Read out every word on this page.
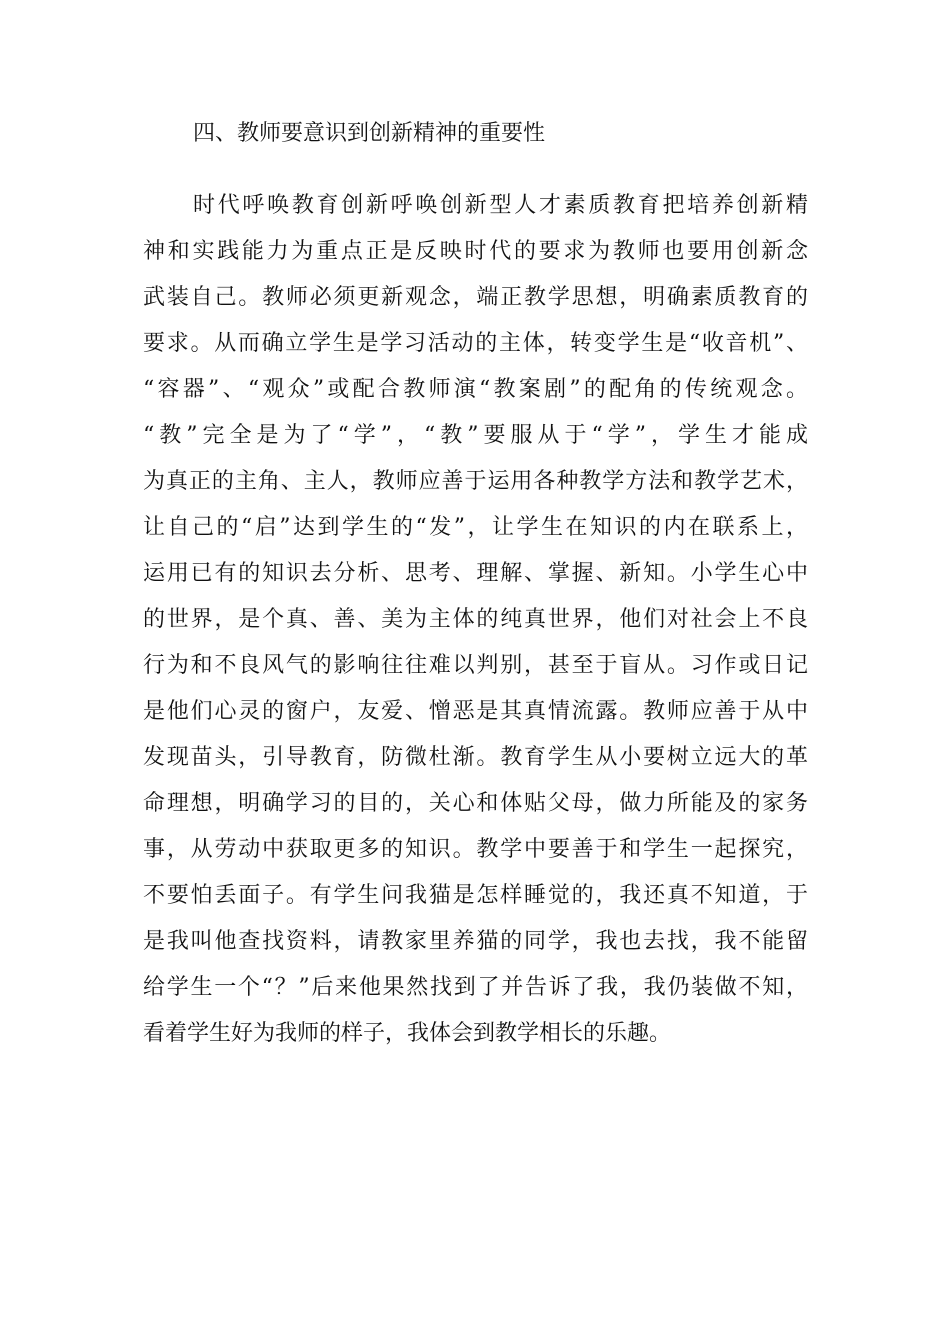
四、教师要意识到创新精神的重要性

时代呼唤教育创新呼唤创新型人才素质教育把培养创新精

神和实践能力为重点正是反映时代的要求为教师也要用创新念

武装自己。教师必须更新观念，端正教学思想，明确素质教育的

要求。从而确立学生是学习活动的主体，转变学生是“收音机”、

“容器”、“观众”或配合教师演“教案剧”的配角的传统观念。

“教”完全是为了“学”，“教”要服从于“学”，学生才能成

为真正的主角、主人，教师应善于运用各种教学方法和教学艺术，

让自己的“启”达到学生的“发”，让学生在知识的内在联系上，

运用已有的知识去分析、思考、理解、掌握、新知。小学生心中

的世界，是个真、善、美为主体的纯真世界，他们对社会上不良

行为和不良风气的影响往往难以判别，甚至于盲从。习作或日记

是他们心灵的窗户，友爱、憎恶是其真情流露。教师应善于从中

发现苗头，引导教育，防微杜渐。教育学生从小要树立远大的革

命理想，明确学习的目的，关心和体贴父母，做力所能及的家务

事，从劳动中获取更多的知识。教学中要善于和学生一起探究，

不要怕丢面子。有学生问我猫是怎样睡觉的，我还真不知道，于

是我叫他查找资料，请教家里养猫的同学，我也去找，我不能留

给学生一个“？”后来他果然找到了并告诉了我，我仍装做不知，

看着学生好为我师的样子，我体会到教学相长的乐趣。
